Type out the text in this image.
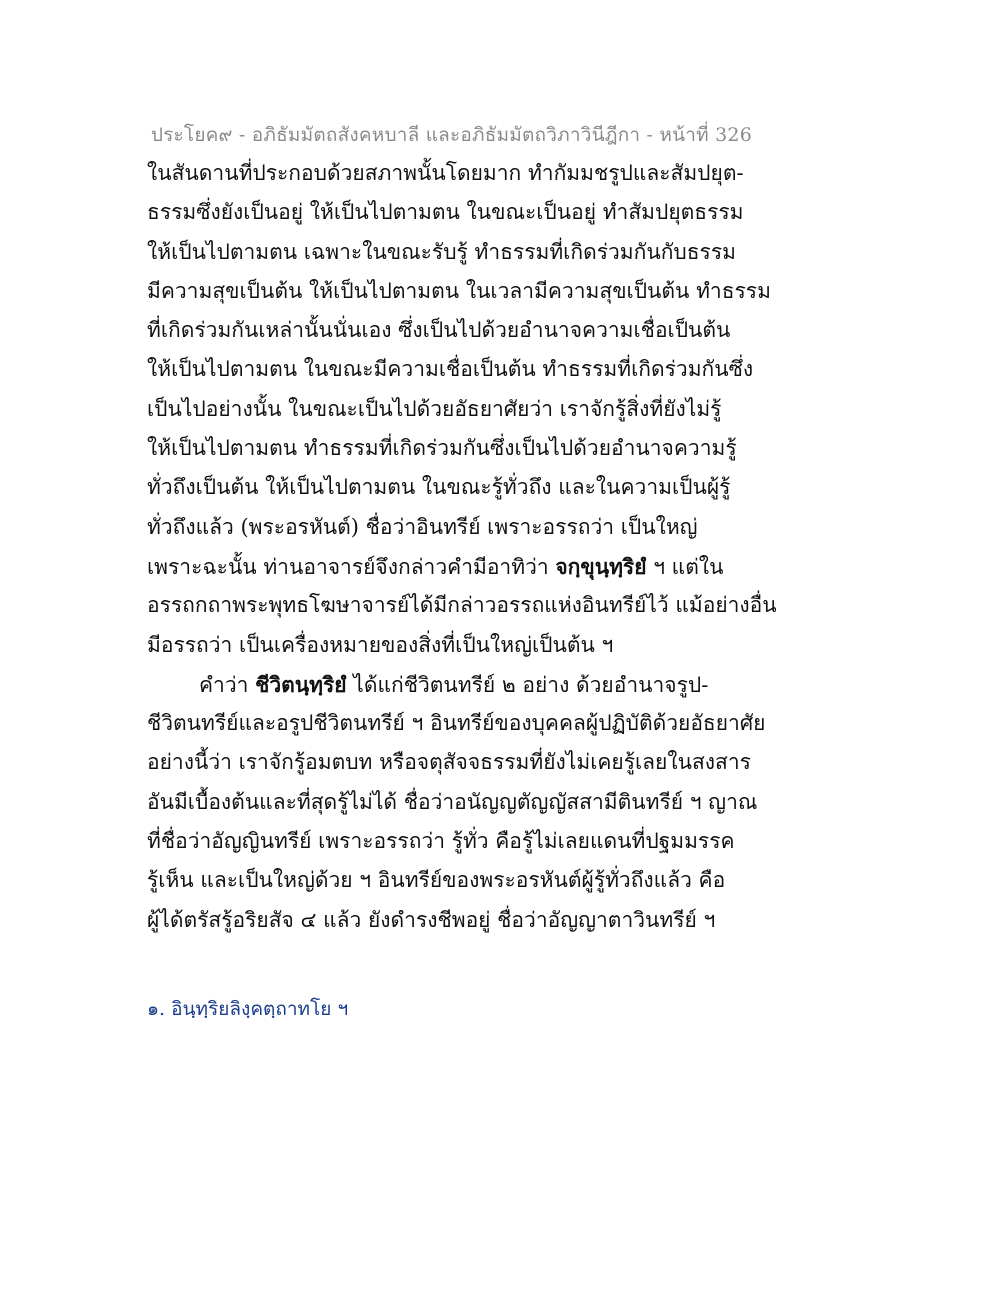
ประโยค๙ - อภิธัมมัตถสังคหบาลี และอภิธัมมัตถวิภาวินีฎีกา - หน้าที่ 326
ในสันดานที่ประกอบด้วยสภาพนั้นโดยมาก ทำกัมมชรูปและสัมปยุต-
ธรรมซึ่งยังเป็นอยู่ ให้เป็นไปตามตน ในขณะเป็นอยู่ ทำสัมปยุตธรรม
ให้เป็นไปตามตน เฉพาะในขณะรับรู้ ทำธรรมที่เกิดร่วมกันกับธรรม
มีความสุขเป็นต้น ให้เป็นไปตามตน ในเวลามีความสุขเป็นต้น ทำธรรม
ที่เกิดร่วมกันเหล่านั้นนั่นเอง ซึ่งเป็นไปด้วยอำนาจความเชื่อเป็นต้น
ให้เป็นไปตามตน ในขณะมีความเชื่อเป็นต้น ทำธรรมที่เกิดร่วมกันซึ่ง
เป็นไปอย่างนั้น ในขณะเป็นไปด้วยอัธยาศัยว่า เราจักรู้สิ่งที่ยังไม่รู้
ให้เป็นไปตามตน ทำธรรมที่เกิดร่วมกันซึ่งเป็นไปด้วยอำนาจความรู้
ทั่วถึงเป็นต้น ให้เป็นไปตามตน ในขณะรู้ทั่วถึง และในความเป็นผู้รู้
ทั่วถึงแล้ว (พระอรหันต์) ชื่อว่าอินทรีย์ เพราะอรรถว่า เป็นใหญ่
เพราะฉะนั้น ท่านอาจารย์จึงกล่าวคำมีอาทิว่า จกฺขุนฺทฺริยํ ฯ แต่ใน
อรรถกถาพระพุทธโฆษาจารย์ได้มีกล่าวอรรถแห่งอินทรีย์ไว้ แม้อย่างอื่น
มีอรรถว่า เป็นเครื่องหมายของสิ่งที่เป็นใหญ่เป็นต้น ฯ
คำว่า ชีวิตนฺทฺริยํ ได้แก่ชีวิตนทรีย์ ๒ อย่าง ด้วยอำนาจรูป-
ชีวิตนทรีย์และอรูปชีวิตนทรีย์ ฯ อินทรีย์ของบุคคลผู้ปฏิบัติด้วยอัธยาศัย
อย่างนี้ว่า เราจักรู้อมตบท หรือจตุสัจจธรรมที่ยังไม่เคยรู้เลยในสงสาร
อันมีเบื้องต้นและที่สุดรู้ไม่ได้ ชื่อว่าอนัญญตัญญัสสามีตินทรีย์ ฯ ญาณ
ที่ชื่อว่าอัญญินทรีย์ เพราะอรรถว่า รู้ทั่ว คือรู้ไม่เลยแดนที่ปฐมมรรค
รู้เห็น และเป็นใหญ่ด้วย ฯ อินทรีย์ของพระอรหันต์ผู้รู้ทั่วถึงแล้ว คือ
ผู้ได้ตรัสรู้อริยสัจ ๔ แล้ว ยังดำรงชีพอยู่ ชื่อว่าอัญญาตาวินทรีย์ ฯ
๑. อินฺทฺริยลิงฺคตฺถาทโย ฯ
